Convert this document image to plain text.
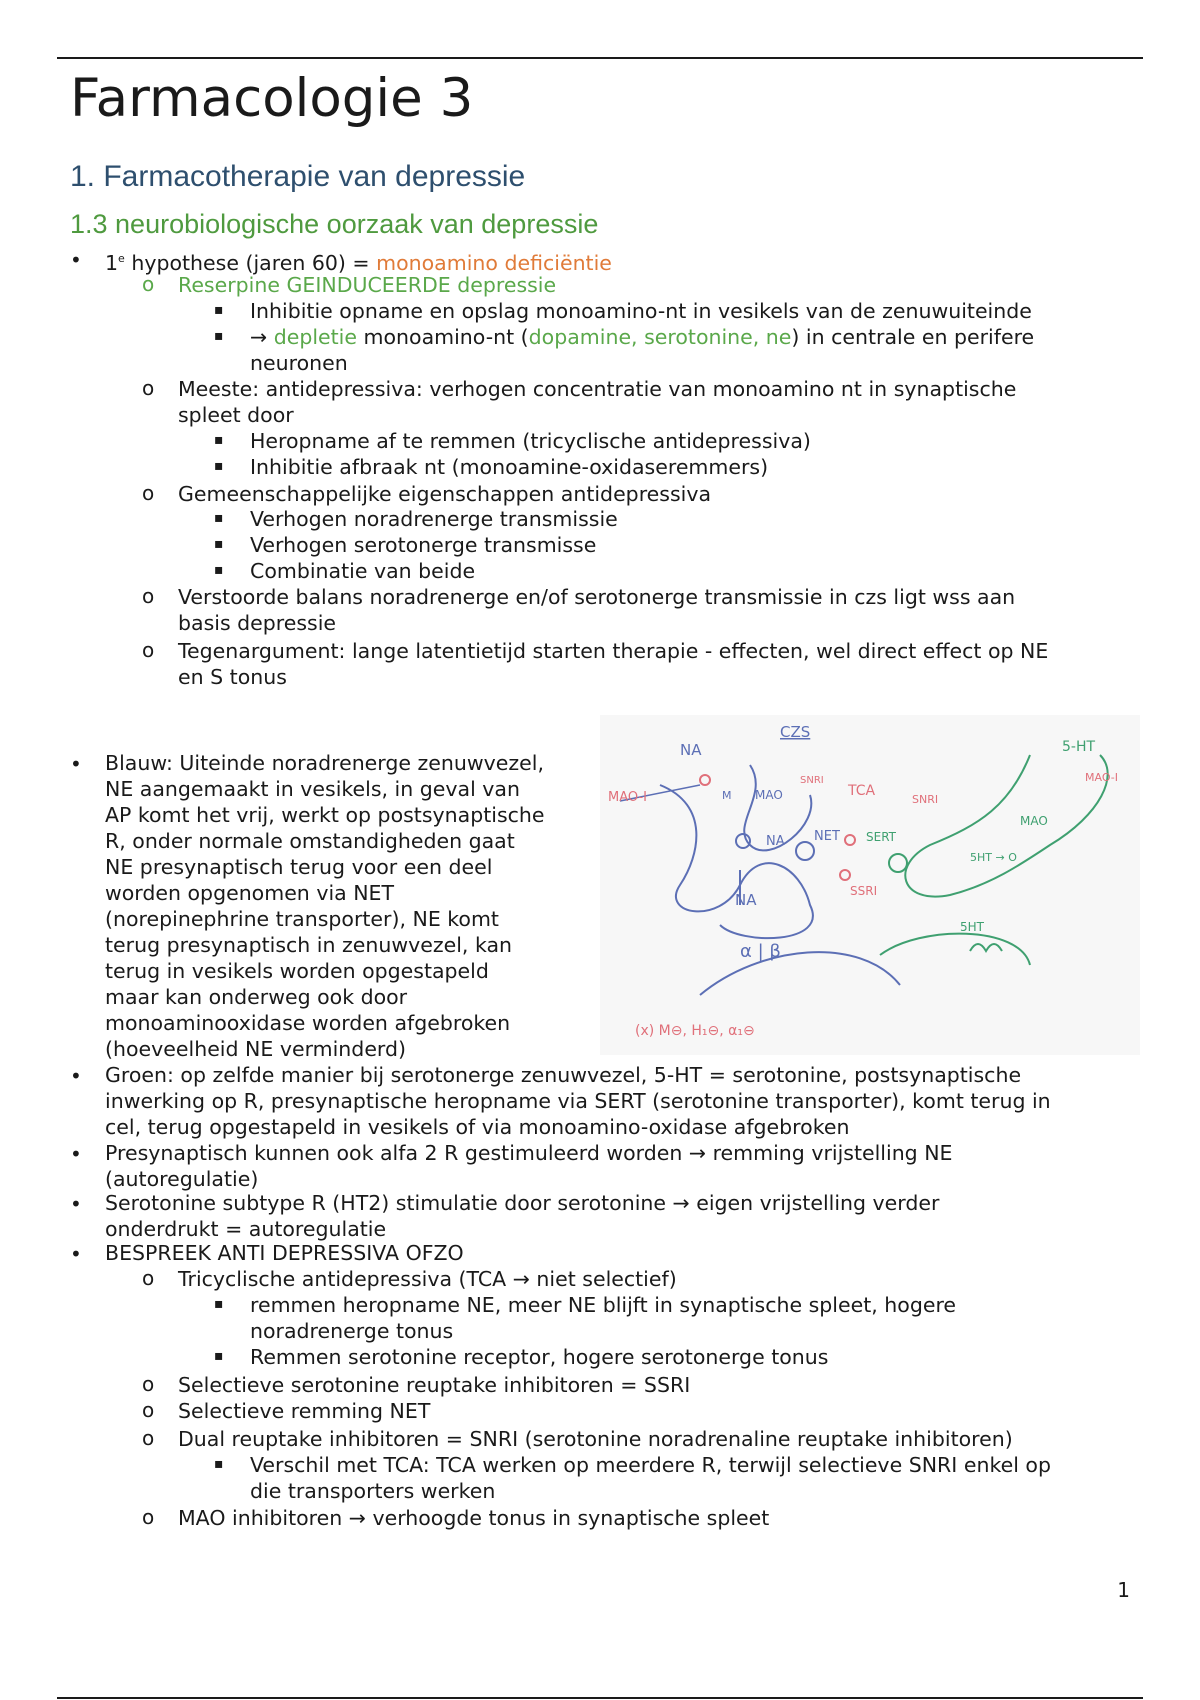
Farmacologie 3
1. Farmacotherapie van depressie
1.3 neurobiologische oorzaak van depressie
• 1e hypothese (jaren 60) = monoamino deficiëntie
o Reserpine GEINDUCEERDE depressie
▪ Inhibitie opname en opslag monoamino-nt in vesikels van de zenuwuiteinde
▪ → depletie monoamino-nt (dopamine, serotonine, ne) in centrale en perifere
neuronen
o Meeste: antidepressiva: verhogen concentratie van monoamino nt in synaptische
spleet door
▪ Heropname af te remmen (tricyclische antidepressiva)
▪ Inhibitie afbraak nt (monoamine-oxidaseremmers)
o Gemeenschappelijke eigenschappen antidepressiva
▪ Verhogen noradrenerge transmissie
▪ Verhogen serotonerge transmisse
▪ Combinatie van beide
o Verstoorde balans noradrenerge en/of serotonerge transmissie in czs ligt wss aan
basis depressie
o Tegenargument: lange latentietijd starten therapie - effecten, wel direct effect op NE
en S tonus
• Blauw: Uiteinde noradrenerge zenuwvezel,
NE aangemaakt in vesikels, in geval van
AP komt het vrij, werkt op postsynaptische
R, onder normale omstandigheden gaat
NE presynaptisch terug voor een deel
worden opgenomen via NET
(norepinephrine transporter), NE komt
terug presynaptisch in zenuwvezel, kan
terug in vesikels worden opgestapeld
maar kan onderweg ook door
monoaminooxidase worden afgebroken
(hoeveelheid NE verminderd)
CZS
NA
MAO-I	M MAO
NA
NA
α | β
SNRI
TCA
NET
SNRI
SERT
SSRI
5-HT
MAO-I
MAO
5HT → O
5HT
(x) M⊖, H₁⊖, α₁⊖
• Groen: op zelfde manier bij serotonerge zenuwvezel, 5-HT = serotonine, postsynaptische
inwerking op R, presynaptische heropname via SERT (serotonine transporter), komt terug in
cel, terug opgestapeld in vesikels of via monoamino-oxidase afgebroken
• Presynaptisch kunnen ook alfa 2 R gestimuleerd worden → remming vrijstelling NE
(autoregulatie)
• Serotonine subtype R (HT2) stimulatie door serotonine → eigen vrijstelling verder
onderdrukt = autoregulatie
• BESPREEK ANTI DEPRESSIVA OFZO
o Tricyclische antidepressiva (TCA → niet selectief)
▪ remmen heropname NE, meer NE blijft in synaptische spleet, hogere
noradrenerge tonus
▪ Remmen serotonine receptor, hogere serotonerge tonus
o Selectieve serotonine reuptake inhibitoren = SSRI
o Selectieve remming NET
o Dual reuptake inhibitoren = SNRI (serotonine noradrenaline reuptake inhibitoren)
▪ Verschil met TCA: TCA werken op meerdere R, terwijl selectieve SNRI enkel op
die transporters werken
o MAO inhibitoren → verhoogde tonus in synaptische spleet
1
